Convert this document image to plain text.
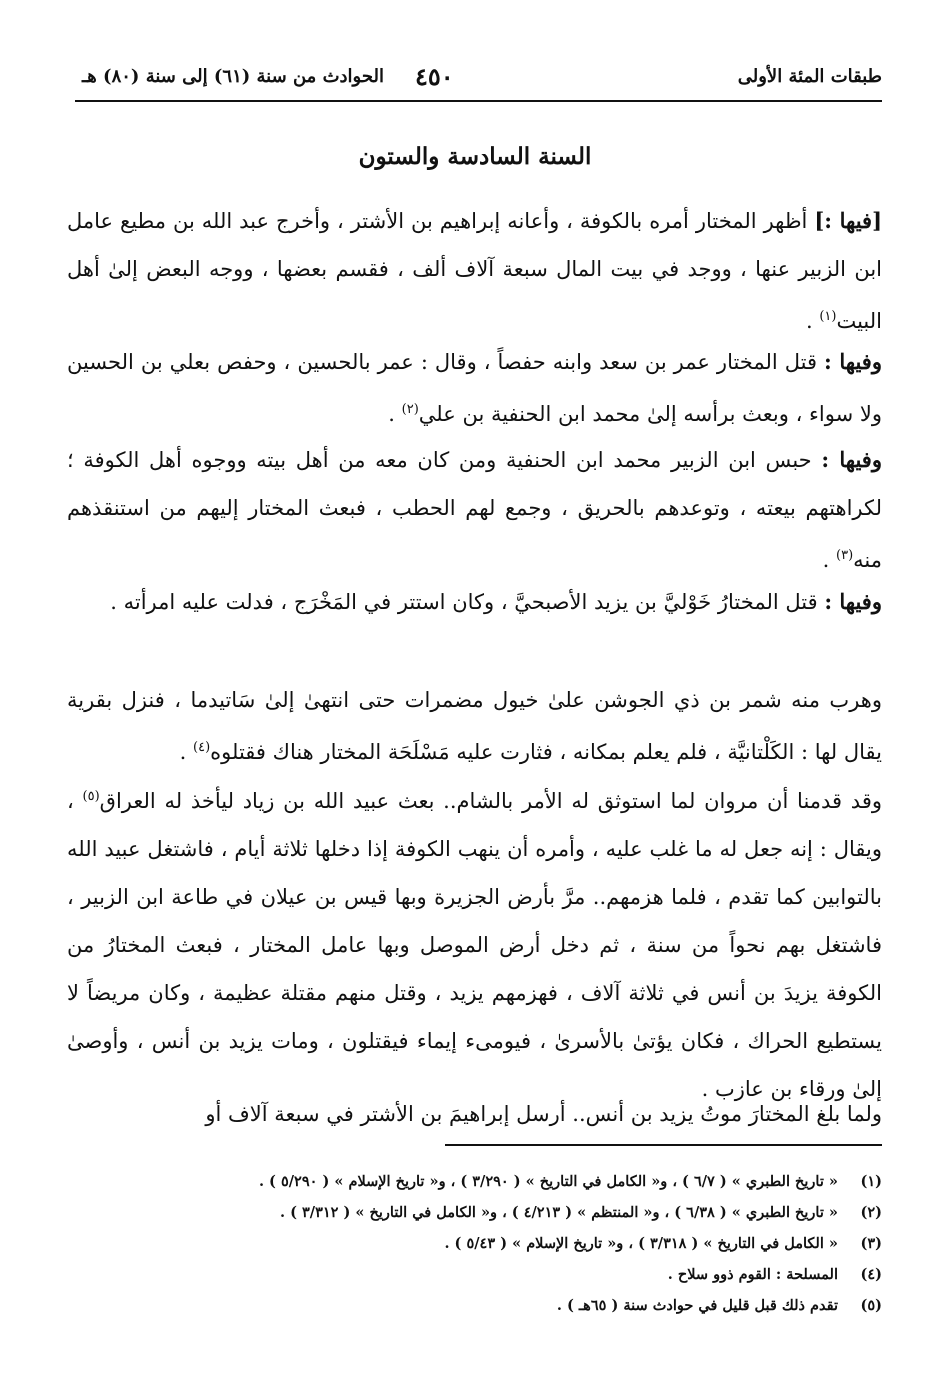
طبقات المئة الأولى
٤٥٠
الحوادث من سنة (٦١) إلى سنة (٨٠) هـ
السنة السادسة والستون
[فيها :] أظهر المختار أمره بالكوفة ، وأعانه إبراهيم بن الأشتر ، وأخرج عبد الله بن مطيع عامل ابن الزبير عنها ، ووجد في بيت المال سبعة آلاف ألف ، فقسم بعضها ، ووجه البعض إلىٰ أهل البيت$^{(١)}$ .
وفيها : قتل المختار عمر بن سعد وابنه حفصاً ، وقال : عمر بالحسين ، وحفص بعلي بن الحسين ولا سواء ، وبعث برأسه إلىٰ محمد ابن الحنفية بن علي$^{(٢)}$ .
وفيها : حبس ابن الزبير محمد ابن الحنفية ومن كان معه من أهل بيته ووجوه أهل الكوفة ؛ لكراهتهم بيعته ، وتوعدهم بالحريق ، وجمع لهم الحطب ، فبعث المختار إليهم من استنقذهم منه$^{(٣)}$ .
وفيها : قتل المختارُ خَوْليَّ بن يزيد الأصبحيَّ ، وكان استتر في المَخْرَج ، فدلت عليه امرأته .
وهرب منه شمر بن ذي الجوشن علىٰ خيول مضمرات حتى انتهىٰ إلىٰ سَاتيدما ، فنزل بقرية يقال لها : الكَلْتانيَّة ، فلم يعلم بمكانه ، فثارت عليه مَسْلَحَة المختار هناك فقتلوه$^{(٤)}$ .
وقد قدمنا أن مروان لما استوثق له الأمر بالشام.. بعث عبيد الله بن زياد ليأخذ له العراق$^{(٥)}$ ، ويقال : إنه جعل له ما غلب عليه ، وأمره أن ينهب الكوفة إذا دخلها ثلاثة أيام ، فاشتغل عبيد الله بالتوابين كما تقدم ، فلما هزمهم.. مرَّ بأرض الجزيرة وبها قيس بن عيلان في طاعة ابن الزبير ، فاشتغل بهم نحواً من سنة ، ثم دخل أرض الموصل وبها عامل المختار ، فبعث المختارُ من الكوفة يزيدَ بن أنس في ثلاثة آلاف ، فهزمهم يزيد ، وقتل منهم مقتلة عظيمة ، وكان مريضاً لا يستطيع الحراك ، فكان يؤتىٰ بالأسرىٰ ، فيومىء إيماء فيقتلون ، ومات يزيد بن أنس ، وأوصىٰ إلىٰ ورقاء بن عازب .
ولما بلغ المختارَ موتُ يزيد بن أنس.. أرسل إبراهيمَ بن الأشتر في سبعة آلاف أو
(١)
« تاريخ الطبري » ( ٦/٧ ) ، و« الكامل في التاريخ » ( ٣/٢٩٠ ) ، و« تاريخ الإسلام » ( ٥/٢٩٠ ) .
(٢)
« تاريخ الطبري » ( ٦/٣٨ ) ، و« المنتظم » ( ٤/٢١٣ ) ، و« الكامل في التاريخ » ( ٣/٣١٢ ) .
(٣)
« الكامل في التاريخ » ( ٣/٣١٨ ) ، و« تاريخ الإسلام » ( ٥/٤٣ ) .
(٤)
المسلحة : القوم ذوو سلاح .
(٥)
تقدم ذلك قبل قليل في حوادث سنة ( ٦٥هـ ) .
